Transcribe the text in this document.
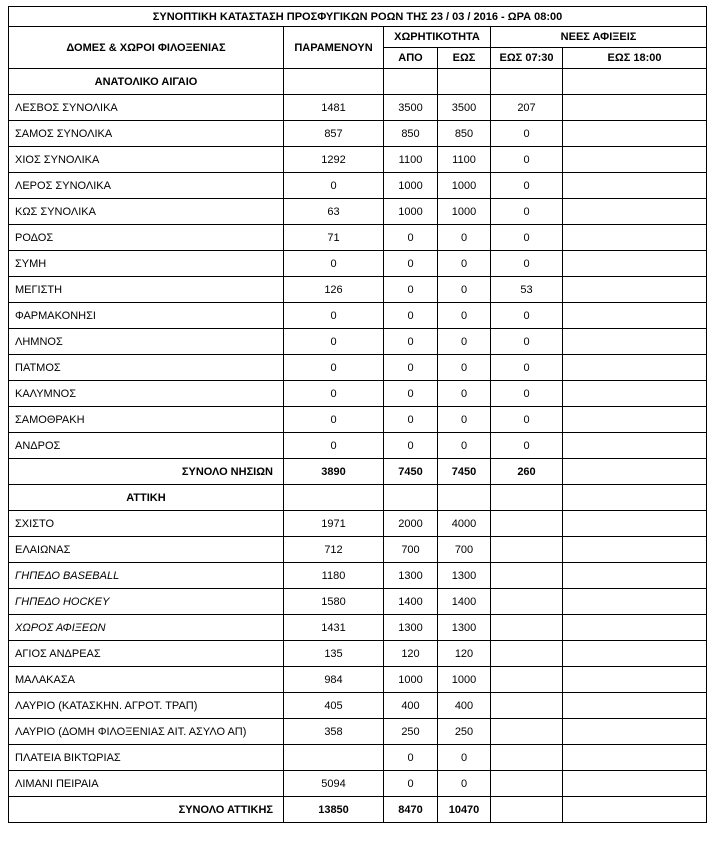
ΣΥΝΟΠΤΙΚΗ ΚΑΤΑΣΤΑΣΗ ΠΡΟΣΦΥΓΙΚΩΝ ΡΟΩΝ ΤΗΣ 23 / 03 / 2016 - ΩΡΑ 08:00					
ΔΟΜΕΣ & ΧΩΡΟΙ ΦΙΛΟΞΕΝΙΑΣ	ΠΑΡΑΜΕΝΟΥΝ	ΧΩΡΗΤΙΚΟΤΗΤΑ		ΝΕΕΣ ΑΦΙΞΕΙΣ	
		ΑΠΟ	ΕΩΣ	ΕΩΣ 07:30	ΕΩΣ 18:00
ΑΝΑΤΟΛΙΚΟ ΑΙΓΑΙΟ					
ΛΕΣΒΟΣ ΣΥΝΟΛΙΚΑ	1481	3500	3500	207	
ΣΑΜΟΣ ΣΥΝΟΛΙΚΑ	857	850	850	0	
ΧΙΟΣ ΣΥΝΟΛΙΚΑ	1292	1100	1100	0	
ΛΕΡΟΣ ΣΥΝΟΛΙΚΑ	0	1000	1000	0	
ΚΩΣ ΣΥΝΟΛΙΚΑ	63	1000	1000	0	
ΡΟΔΟΣ	71	0	0	0	
ΣΥΜΗ	0	0	0	0	
ΜΕΓΙΣΤΗ	126	0	0	53	
ΦΑΡΜΑΚΟΝΗΣΙ	0	0	0	0	
ΛΗΜΝΟΣ	0	0	0	0	
ΠΑΤΜΟΣ	0	0	0	0	
ΚΑΛΥΜΝΟΣ	0	0	0	0	
ΣΑΜΟΘΡΑΚΗ	0	0	0	0	
ΑΝΔΡΟΣ	0	0	0	0	
ΣΥΝΟΛΟ ΝΗΣΙΩΝ	3890	7450	7450	260	
ΑΤΤΙΚΗ					
ΣΧΙΣΤΟ	1971	2000	4000		
ΕΛΑΙΩΝΑΣ	712	700	700		
ΓΗΠΕΔΟ BASEBALL	1180	1300	1300		
ΓΗΠΕΔΟ HOCKEY	1580	1400	1400		
ΧΩΡΟΣ ΑΦΙΞΕΩΝ	1431	1300	1300		
ΑΓΙΟΣ ΑΝΔΡΕΑΣ	135	120	120		
ΜΑΛΑΚΑΣΑ	984	1000	1000		
ΛΑΥΡΙΟ (ΚΑΤΑΣΚΗΝ. ΑΓΡΟΤ. ΤΡΑΠ)	405	400	400		
ΛΑΥΡΙΟ (ΔΟΜΗ ΦΙΛΟΞΕΝΙΑΣ ΑΙΤ. ΑΣΥΛΟ ΑΠ)	358	250	250		
ΠΛΑΤΕΙΑ ΒΙΚΤΩΡΙΑΣ		0	0		
ΛΙΜΑΝΙ ΠΕΙΡΑΙΑ	5094	0	0		
ΣΥΝΟΛΟ ΑΤΤΙΚΗΣ	13850	8470	10470		
